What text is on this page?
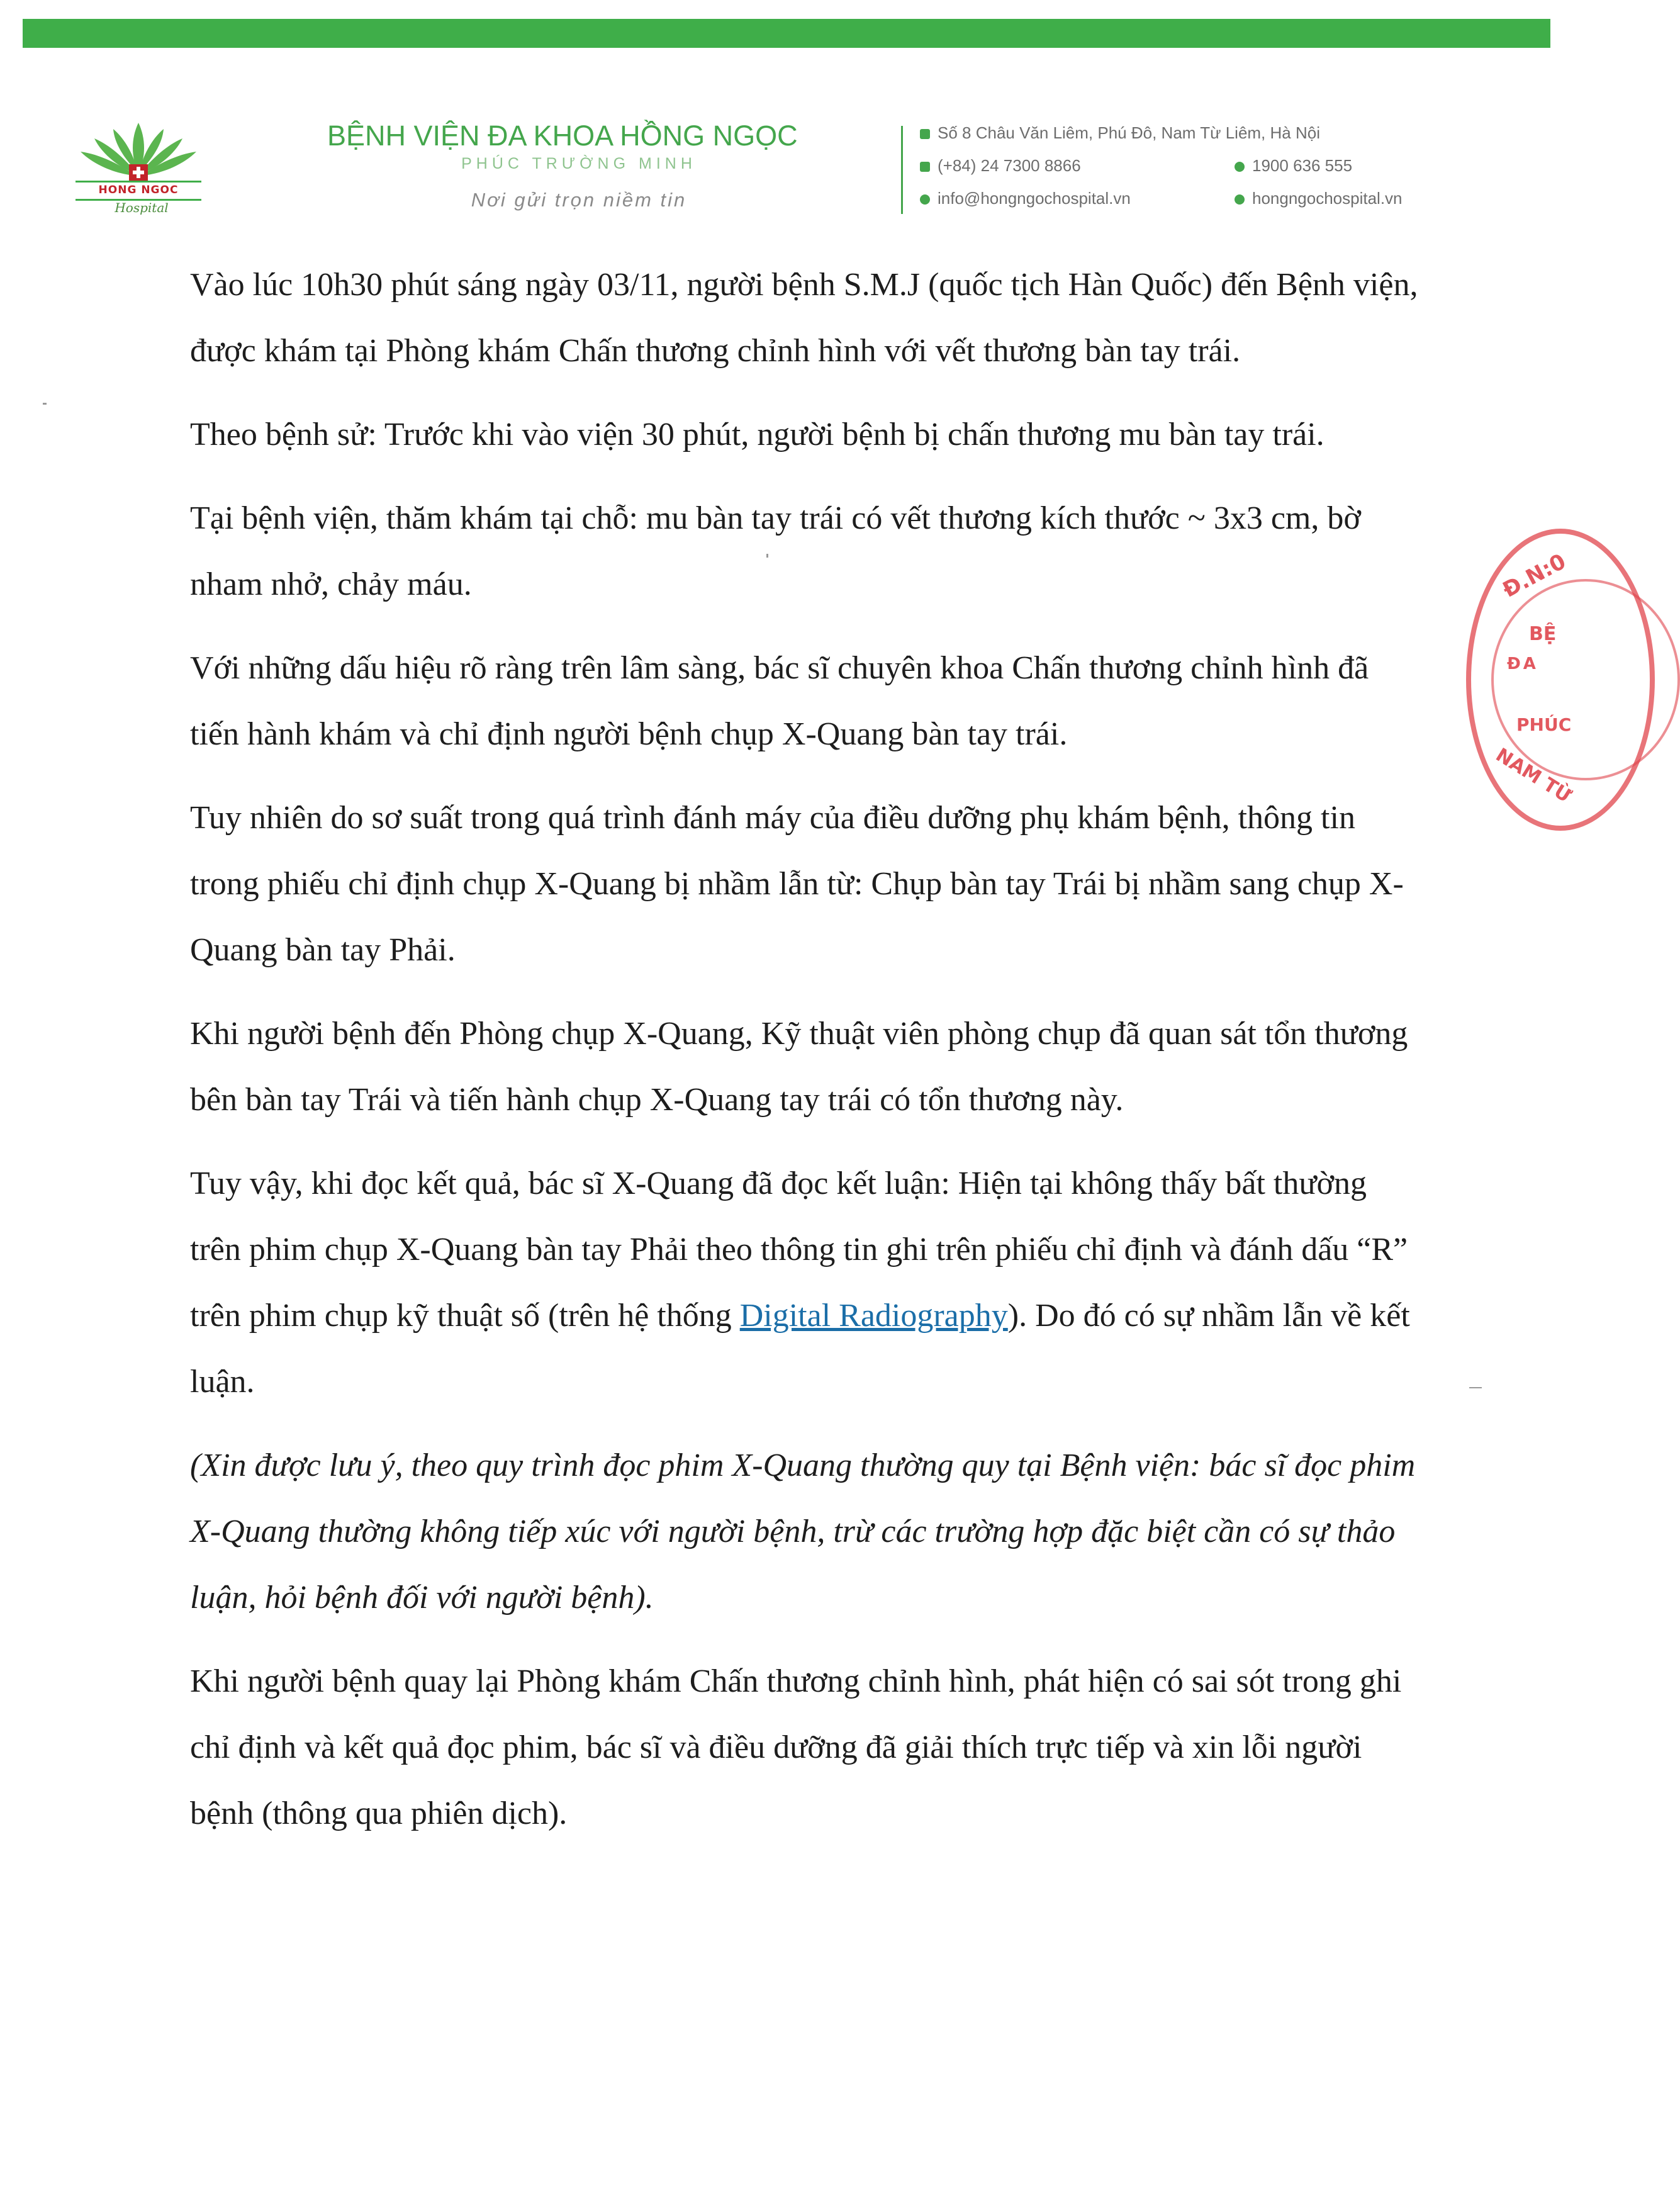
HONG NGOC
Hospital
BỆNH VIỆN ĐA KHOA HỒNG NGỌC
PHÚC TRƯỜNG MINH
Nơi gửi trọn niềm tin
Số 8 Châu Văn Liêm, Phú Đô, Nam Từ Liêm, Hà Nội
(+84) 24 7300 8866	1900 636 555
info@hongngochospital.vn	hongngochospital.vn
Đ.N:0
BỆ
ĐA
PHÚC
NAM TỪ

Vào lúc 10h30 phút sáng ngày 03/11, người bệnh S.M.J (quốc tịch Hàn Quốc) đến Bệnh viện, được khám tại Phòng khám Chấn thương chỉnh hình với vết thương bàn tay trái.

Theo bệnh sử: Trước khi vào viện 30 phút, người bệnh bị chấn thương mu bàn tay trái.

Tại bệnh viện, thăm khám tại chỗ: mu bàn tay trái có vết thương kích thước ~ 3x3 cm, bờ nham nhở, chảy máu.

Với những dấu hiệu rõ ràng trên lâm sàng, bác sĩ chuyên khoa Chấn thương chỉnh hình đã tiến hành khám và chỉ định người bệnh chụp X-Quang bàn tay trái.

Tuy nhiên do sơ suất trong quá trình đánh máy của điều dưỡng phụ khám bệnh, thông tin trong phiếu chỉ định chụp X-Quang bị nhầm lẫn từ: Chụp bàn tay Trái bị nhầm sang chụp X-Quang bàn tay Phải.

Khi người bệnh đến Phòng chụp X-Quang, Kỹ thuật viên phòng chụp đã quan sát tổn thương bên bàn tay Trái và tiến hành chụp X-Quang tay trái có tổn thương này.

Tuy vậy, khi đọc kết quả, bác sĩ X-Quang đã đọc kết luận: Hiện tại không thấy bất thường trên phim chụp X-Quang bàn tay Phải theo thông tin ghi trên phiếu chỉ định và đánh dấu “R” trên phim chụp kỹ thuật số (trên hệ thống Digital Radiography). Do đó có sự nhầm lẫn về kết luận.

(Xin được lưu ý, theo quy trình đọc phim X-Quang thường quy tại Bệnh viện: bác sĩ đọc phim X-Quang thường không tiếp xúc với người bệnh, trừ các trường hợp đặc biệt cần có sự thảo luận, hỏi bệnh đối với người bệnh).

Khi người bệnh quay lại Phòng khám Chấn thương chỉnh hình, phát hiện có sai sót trong ghi chỉ định và kết quả đọc phim, bác sĩ và điều dưỡng đã giải thích trực tiếp và xin lỗi người bệnh (thông qua phiên dịch).
